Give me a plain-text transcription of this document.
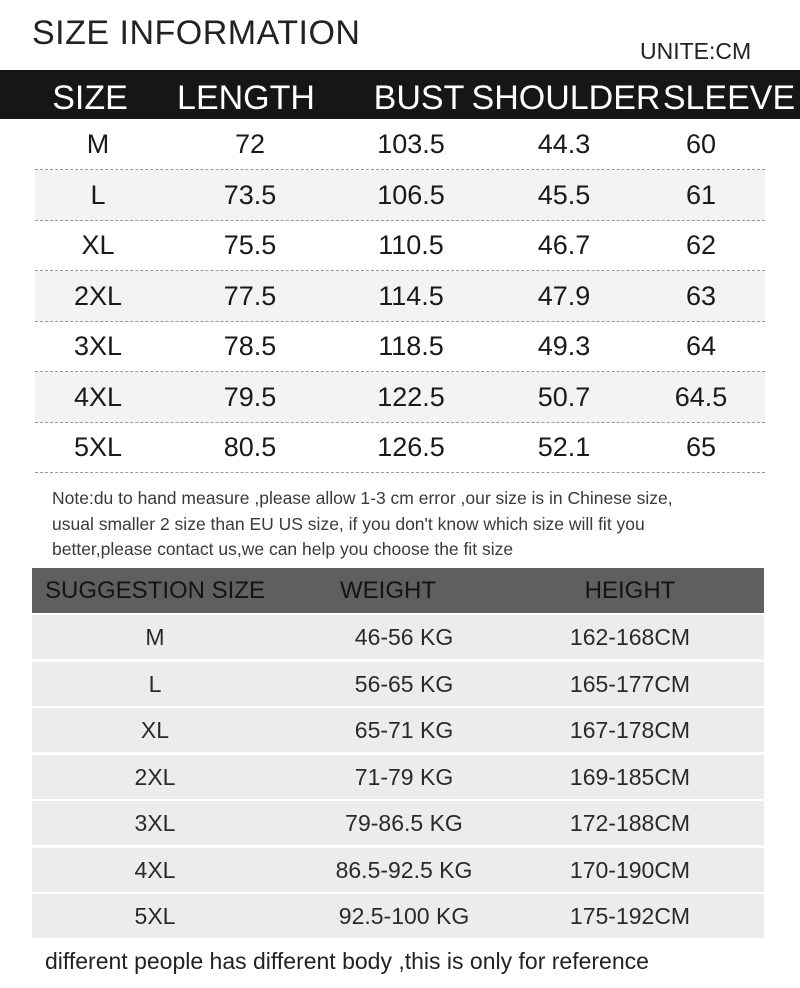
SIZE INFORMATION	UNITE:CM
SIZE LENGTH BUST SHOULDER SLEEVE
M	72	103.5	44.3	60
L	73.5	106.5	45.5	61
XL	75.5	110.5	46.7	62
2XL	77.5	114.5	47.9	63
3XL	78.5	118.5	49.3	64
4XL	79.5	122.5	50.7	64.5
5XL	80.5	126.5	52.1	65
Note:du to hand measure ,please allow 1-3 cm error ,our size is in Chinese size,
usual smaller 2 size than EU US size, if you don't know which size will fit you
better,please contact us,we can help you choose the fit size
SUGGESTION SIZE	WEIGHT	HEIGHT
M	46-56 KG	162-168CM
L	56-65 KG	165-177CM
XL	65-71 KG	167-178CM
2XL	71-79 KG	169-185CM
3XL	79-86.5 KG	172-188CM
4XL	86.5-92.5 KG	170-190CM
5XL	92.5-100 KG	175-192CM
different people has different body ,this is only for reference
